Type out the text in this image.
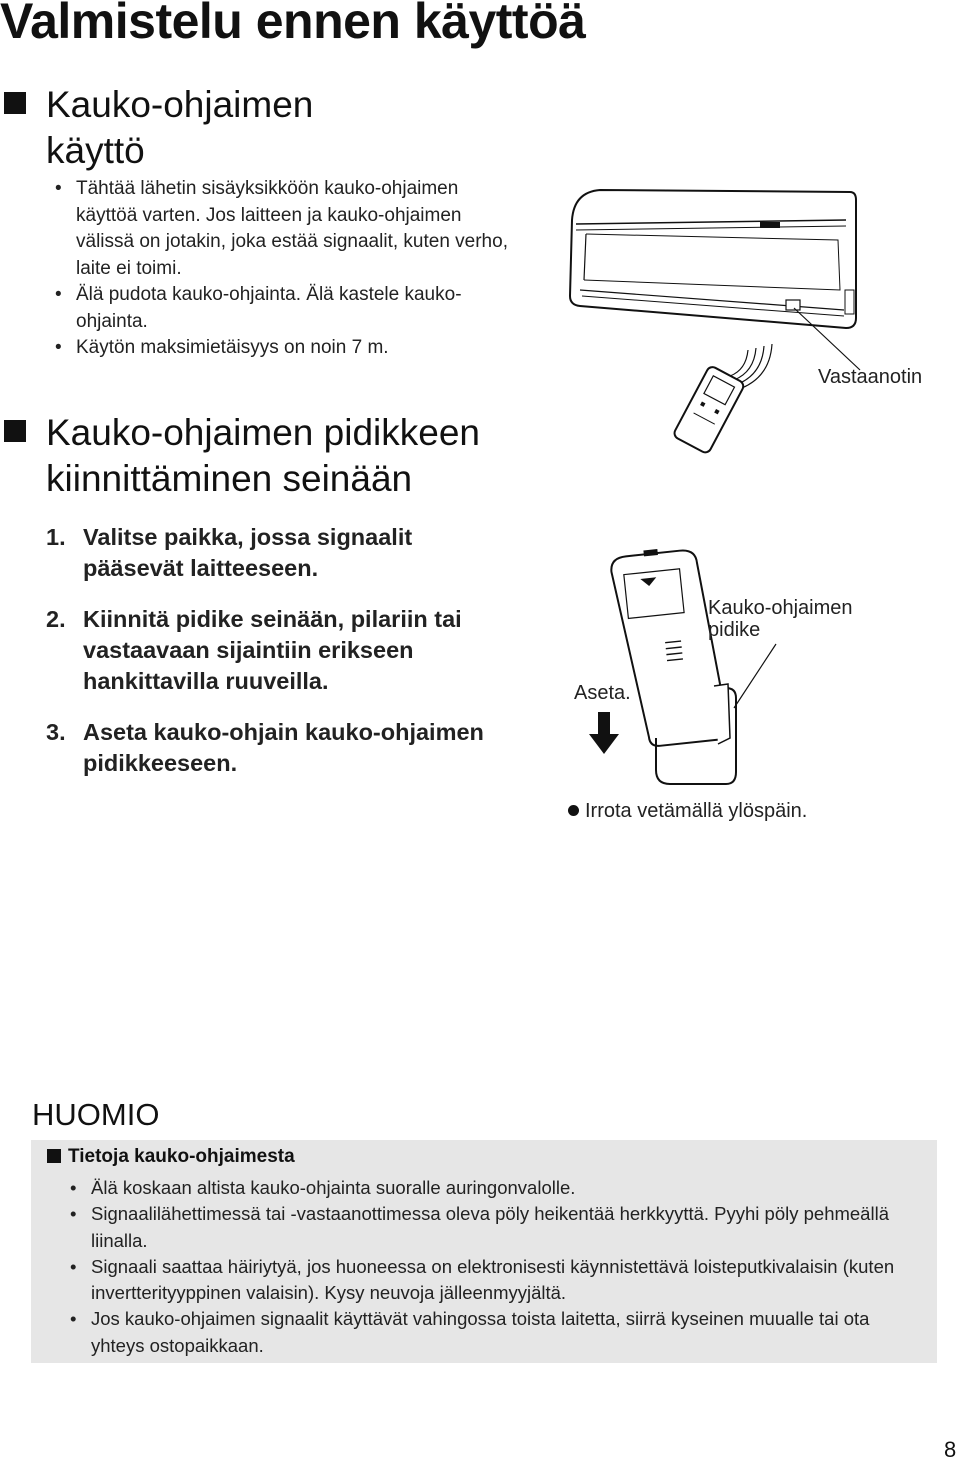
Valmistelu ennen käyttöä
Kauko-ohjaimen
käyttö
• Tähtää lähetin sisäyksikköön kauko-ohjaimen käyttöä varten. Jos laitteen ja kauko-ohjaimen välissä on jotakin, joka estää signaalit, kuten verho, laite ei toimi.
• Älä pudota kauko-ohjainta. Älä kastele kauko-ohjainta.
• Käytön maksimietäisyys on noin 7 m.
Vastaanotin
Kauko-ohjaimen pidikkeen
kiinnittäminen seinään
1. Valitse paikka, jossa signaalit pääsevät laitteeseen.
2. Kiinnitä pidike seinään, pilariin tai vastaavaan sijaintiin erikseen hankittavilla ruuveilla.
3. Aseta kauko-ohjain kauko-ohjaimen pidikkeeseen.
Kauko-ohjaimen
pidike
Aseta.
Irrota vetämällä ylöspäin.
HUOMIO
Tietoja kauko-ohjaimesta
• Älä koskaan altista kauko-ohjainta suoralle auringonvalolle.
• Signaalilähettimessä tai -vastaanottimessa oleva pöly heikentää herkkyyttä. Pyyhi pöly pehmeällä liinalla.
• Signaali saattaa häiriytyä, jos huoneessa on elektronisesti käynnistettävä loisteputkivalaisin (kuten invertterityyppinen valaisin). Kysy neuvoja jälleenmyyjältä.
• Jos kauko-ohjaimen signaalit käyttävät vahingossa toista laitetta, siirrä kyseinen muualle tai ota yhteys ostopaikkaan.
8
